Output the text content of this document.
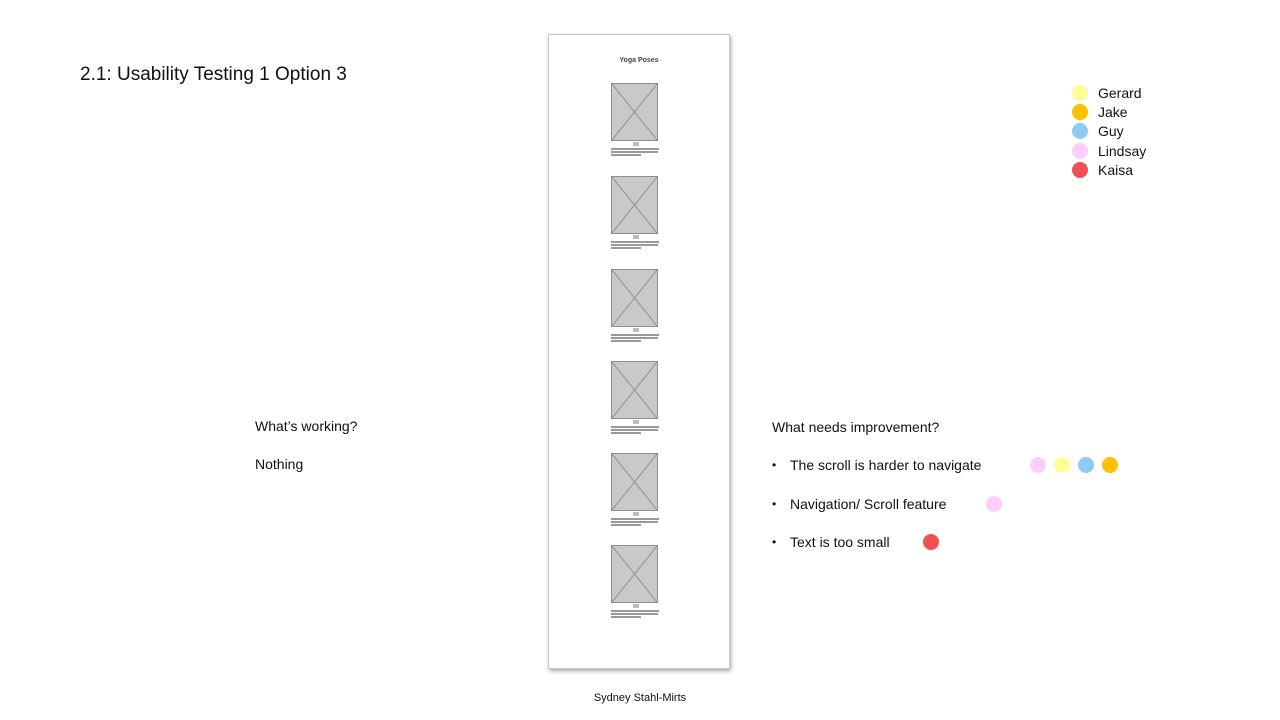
2.1: Usability Testing 1 Option 3
Gerard
Jake
Guy
Lindsay
Kaisa
Yoga Poses
What’s working?
Nothing
What needs improvement?
• The scroll is harder to navigate
• Navigation/ Scroll feature
• Text is too small
Sydney Stahl-Mirts
